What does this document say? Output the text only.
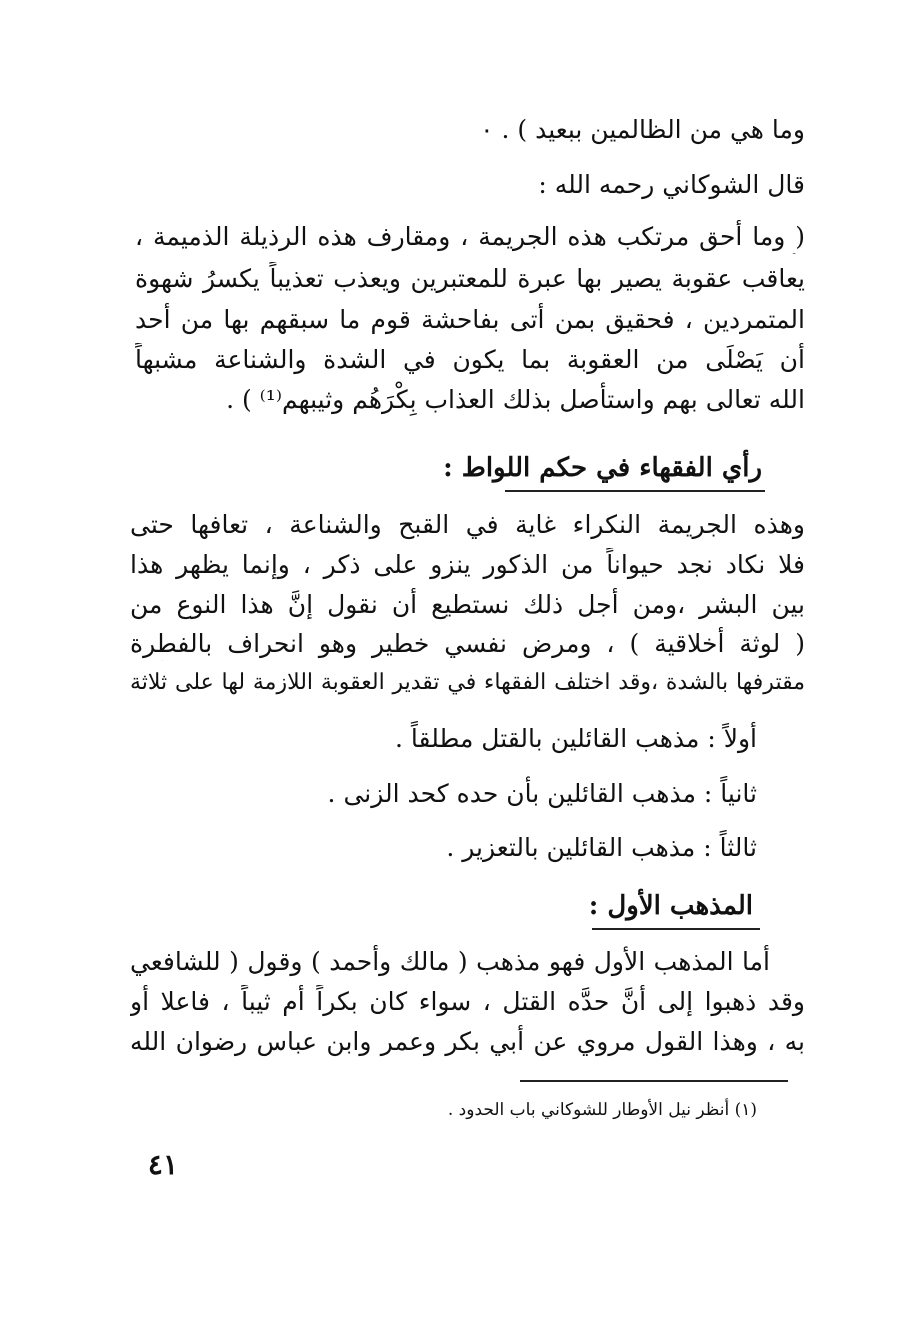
وما هي من الظالمين ببعيد ) . ٠
قال الشوكاني رحمه الله :
( وما أحق مرتكب هذه الجريمة ، ومقارف هذه الرذيلة الذميمة ،
يعاقب عقوبة يصير بها عبرة للمعتبرين ويعذب تعذيباً يكسرُ شهوة
المتمردين ، فحقيق بمن أتى بفاحشة قوم ما سبقهم بها من أحد
أن يَصْلَى من العقوبة بما يكون في الشدة والشناعة مشبهاً
الله تعالى بهم واستأصل بذلك العذاب بِكْرَهُم وثيبهم⁽¹⁾ ) .
رأي الفقهاء في حكم اللواط :
وهذه الجريمة النكراء غاية في القبح والشناعة ، تعافها حتى
فلا نكاد نجد حيواناً من الذكور ينزو على ذكر ، وإنما يظهر هذا
بين البشر ،ومن أجل ذلك نستطيع أن نقول إنَّ هذا النوع من
( لوثة أخلاقية ) ، ومرض نفسي خطير وهو انحراف بالفطرة
مقترفها بالشدة ،وقد اختلف الفقهاء في تقدير العقوبة اللازمة لها على ثلاثة
أولاً : مذهب القائلين بالقتل مطلقاً .
ثانياً : مذهب القائلين بأن حده كحد الزنى .
ثالثاً : مذهب القائلين بالتعزير .
المذهب الأول :
أما المذهب الأول فهو مذهب ( مالك وأحمد ) وقول ( للشافعي
وقد ذهبوا إلى أنَّ حدَّه القتل ، سواء كان بكراً أم ثيباً ، فاعلا أو
به ، وهذا القول مروي عن أبي بكر وعمر وابن عباس رضوان الله
(١) أنظر نيل الأوطار للشوكاني باب الحدود .
٤١
